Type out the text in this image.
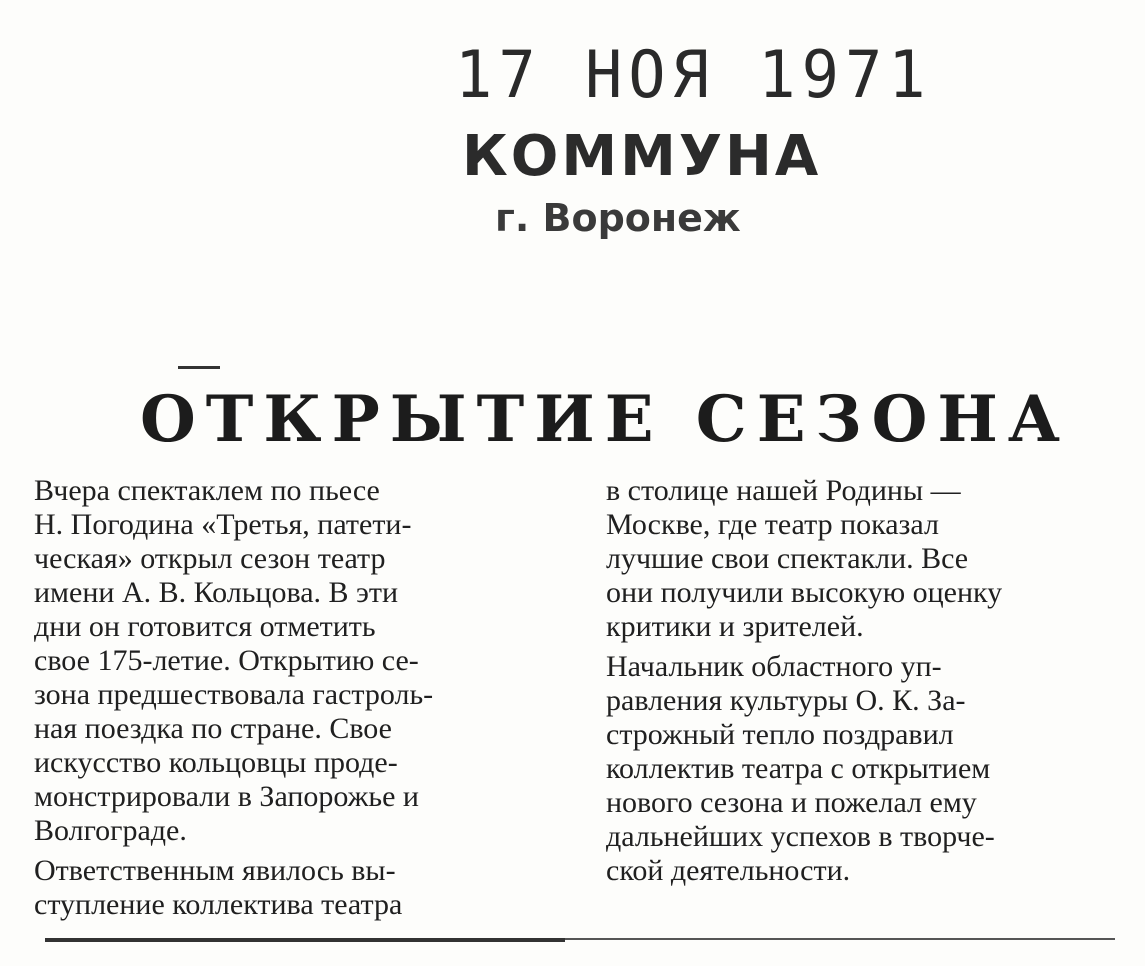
17 НОЯ 1971
КОММУНА
г. Воронеж
ОТКРЫТИЕ СЕЗОНА

Вчера спектаклем по пьесе
Н. Погодина «Третья, патети-
ческая» открыл сезон театр
имени А. В. Кольцова. В эти
дни он готовится отметить
свое 175-летие. Открытию се-
зона предшествовала гастроль-
ная поездка по стране. Свое
искусство кольцовцы проде-
монстрировали в Запорожье и
Волгограде.

Ответственным явилось вы-
ступление коллектива театра

в столице нашей Родины —
Москве, где театр показал
лучшие свои спектакли. Все
они получили высокую оценку
критики и зрителей.

Начальник областного уп-
равления культуры О. К. За-
строжный тепло поздравил
коллектив театра с открытием
нового сезона и пожелал ему
дальнейших успехов в творче-
ской деятельности.
